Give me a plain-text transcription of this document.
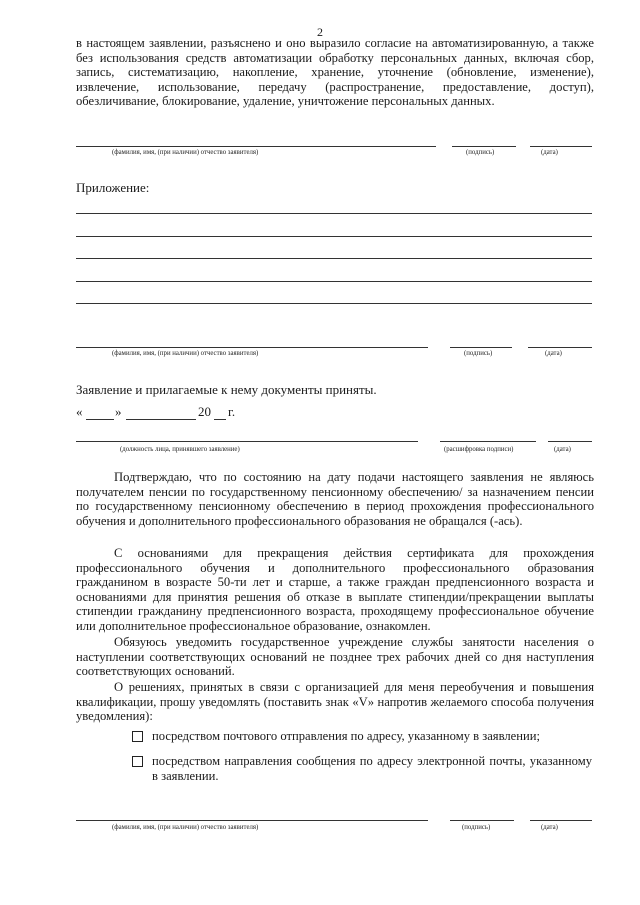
2
в настоящем заявлении, разъяснено и оно выразило согласие на автоматизированную, а также без использования средств автоматизации обработку персональных данных, включая сбор, запись, систематизацию, накопление, хранение, уточнение (обновление, изменение), извлечение, использование, передачу (распространение, предоставление, доступ), обезличивание, блокирование, удаление, уничтожение персональных данных.
(фамилия, имя, (при наличии) отчество заявителя)	(подпись)	(дата)
Приложение:
(фамилия, имя, (при наличии) отчество заявителя)	(подпись)	(дата)
Заявление и прилагаемые к нему документы приняты.
«	»	20 г.
(должность лица, принявшего заявление)	(расшифровка подписи)	(дата)
Подтверждаю, что по состоянию на дату подачи настоящего заявления не являюсь получателем пенсии по государственному пенсионному обеспечению/ за назначением пенсии по государственному пенсионному обеспечению в период прохождения профессионального обучения и дополнительного профессионального образования не обращался (-ась).
С основаниями для прекращения действия сертификата для прохождения профессионального обучения и дополнительного профессионального образования гражданином в возрасте 50-ти лет и старше, а также граждан предпенсионного возраста и основаниями для принятия решения об отказе в выплате стипендии/прекращении выплаты стипендии гражданину предпенсионного возраста, проходящему профессиональное обучение или дополнительное профессиональное образование, ознакомлен.
Обязуюсь уведомить государственное учреждение службы занятости населения о наступлении соответствующих оснований не позднее трех рабочих дней со дня наступления соответствующих оснований.
О решениях, принятых в связи с организацией для меня переобучения и повышения квалификации, прошу уведомлять (поставить знак «V» напротив желаемого способа получения уведомления):
посредством почтового отправления по адресу, указанному в заявлении;
посредством направления сообщения по адресу электронной почты, указанному в заявлении.
(фамилия, имя, (при наличии) отчество заявителя)	(подпись)	(дата)
